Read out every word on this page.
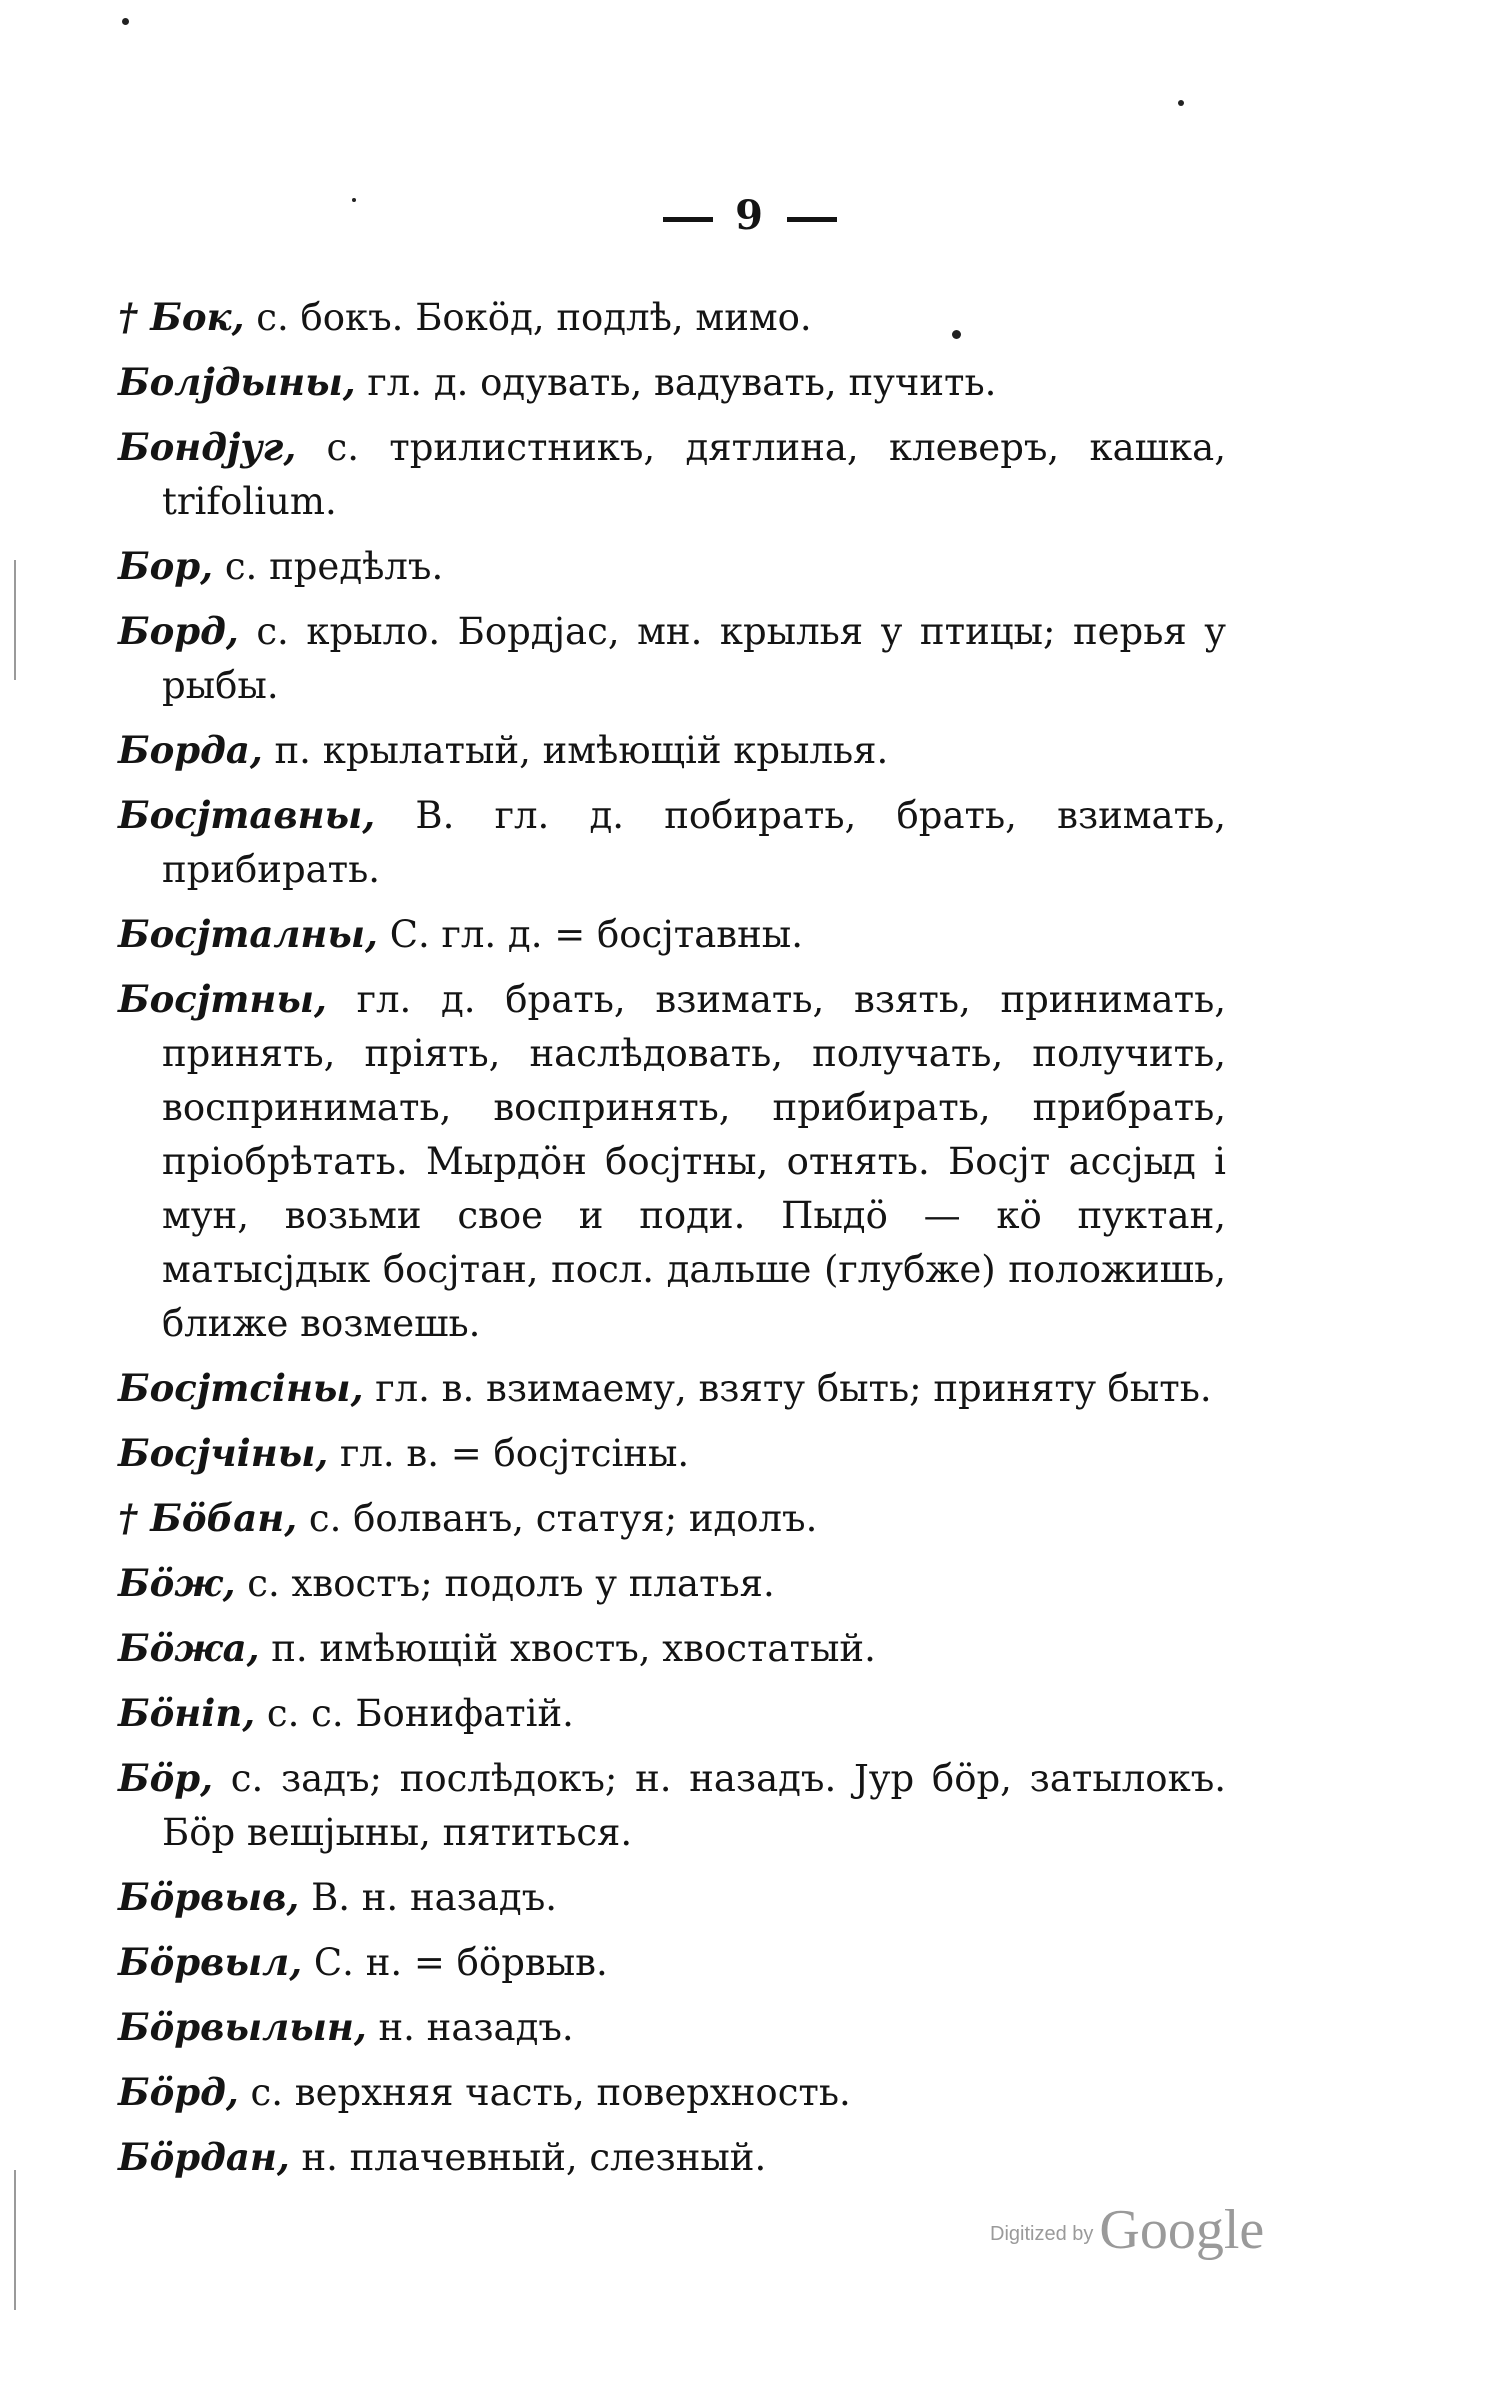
9

† Бок, с. бокъ. Бокӧд, подлѣ, мимо.

Болјдыны, гл. д. одувать, вадувать, пучить.

Бондјуг, с. трилистникъ, дятлина, клеверъ, кашка, trifolium.

Бор, с. предѣлъ.

Борд, с. крыло. Бордјас, мн. крылья у птицы; перья у рыбы.

Борда, п. крылатый, имѣющій крылья.

Босјтавны, В. гл. д. побирать, брать, взимать, прибирать.

Босјталны, С. гл. д. = босјтавны.

Босјтны, гл. д. брать, взимать, взять, принимать, принять, пріять, наслѣдовать, получать, получить, воспринимать, воспринять, прибирать, прибрать, пріобрѣтать. Мырдӧн босјтны, отнять. Босјт ассјыд і мун, возьми свое и поди. Пыдӧ — кӧ пуктан, матысјдык босјтан, посл. дальше (глубже) положишь, ближе возмешь.

Босјтсіны, гл. в. взимаему, взяту быть; принятy быть.

Босјчіны, гл. в. = босјтсіны.

† Бӧбан, с. болванъ, статуя; идолъ.

Бӧж, с. хвостъ; подолъ у платья.

Бӧжа, п. имѣющій хвостъ, хвостатый.

Бӧніп, с. с. Бонифатій.

Бӧр, с. задъ; послѣдокъ; н. назадъ. Јур бӧр, затылокъ. Бӧр вешјыны, пятиться.

Бӧрвыв, В. н. назадъ.

Бӧрвыл, С. н. = бӧрвыв.

Бӧрвылын, н. назадъ.

Бӧрд, с. верхняя часть, поверхность.

Бӧрдан, н. плачевный, слезный.

Digitized by Google
